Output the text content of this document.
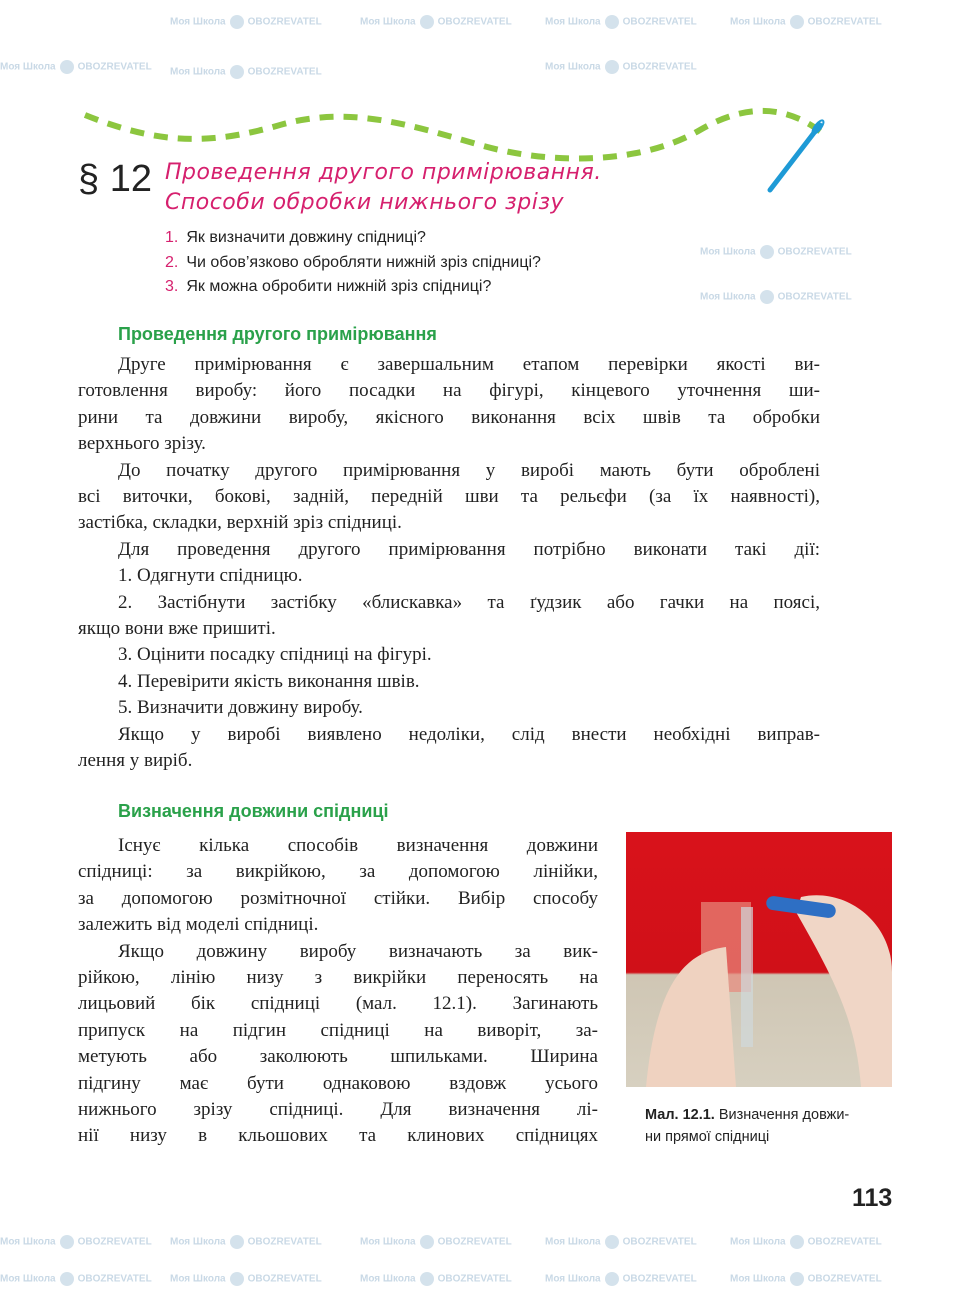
Моя Школа OBOZREVATEL	Моя Школа OBOZREVATEL	Моя Школа OBOZREVATEL	Моя Школа OBOZREVATEL
Моя Школа OBOZREVATEL Моя Школа OBOZREVATEL	Моя Школа OBOZREVATEL
Моя Школа OBOZREVATEL
Моя Школа OBOZREVATEL
Моя Школа OBOZREVATEL Моя Школа OBOZREVATEL	Моя Школа OBOZREVATEL	Моя Школа OBOZREVATEL	Моя Школа OBOZREVATEL
Моя Школа OBOZREVATEL Моя Школа OBOZREVATEL	Моя Школа OBOZREVATEL	Моя Школа OBOZREVATEL	Моя Школа OBOZREVATEL
§ 12 Проведення другого примірювання.
Способи обробки нижнього зрізу
1. Як визначити довжину спідниці?
2. Чи обов’язково обробляти нижній зріз спідниці?
3. Як можна обробити нижній зріз спідниці?
Проведення другого примірювання
Друге примірювання є завершальним етапом перевірки якості ви-
готовлення виробу: його посадки на фігурі, кінцевого уточнення ши-
рини та довжини виробу, якісного виконання всіх швів та обробки
верхнього зрізу.
До початку другого примірювання у виробі мають бути оброблені
всі виточки, бокові, задній, передній шви та рельєфи (за їх наявності),
застібка, складки, верхній зріз спідниці.
Для проведення другого примірювання потрібно виконати такі дії:
1. Одягнути спідницю.
2. Застібнути застібку «блискавка» та ґудзик або гачки на поясі,
якщо вони вже пришиті.
3. Оцінити посадку спідниці на фігурі.
4. Перевірити якість виконання швів.
5. Визначити довжину виробу.
Якщо у виробі виявлено недоліки, слід внести необхідні виправ-
лення у виріб.
Визначення довжини спідниці
Існує кілька способів визначення довжини
спідниці: за викрійкою, за допомогою лінійки,
за допомогою розмітночної стійки. Вибір способу
залежить від моделі спідниці.
Якщо довжину виробу визначають за вик-
рійкою, лінію низу з викрійки переносять на
лицьовий бік спідниці (мал. 12.1). Загинають
припуск на підгин спідниці на виворіт, за-
метують або заколюють шпильками. Ширина
підгину має бути однаковою вздовж усього
нижнього зрізу спідниці. Для визначення лі-
нії низу в кльошових та клинових спідницях
Мал. 12.1. Визначення довжи-
ни прямої спідниці
113
